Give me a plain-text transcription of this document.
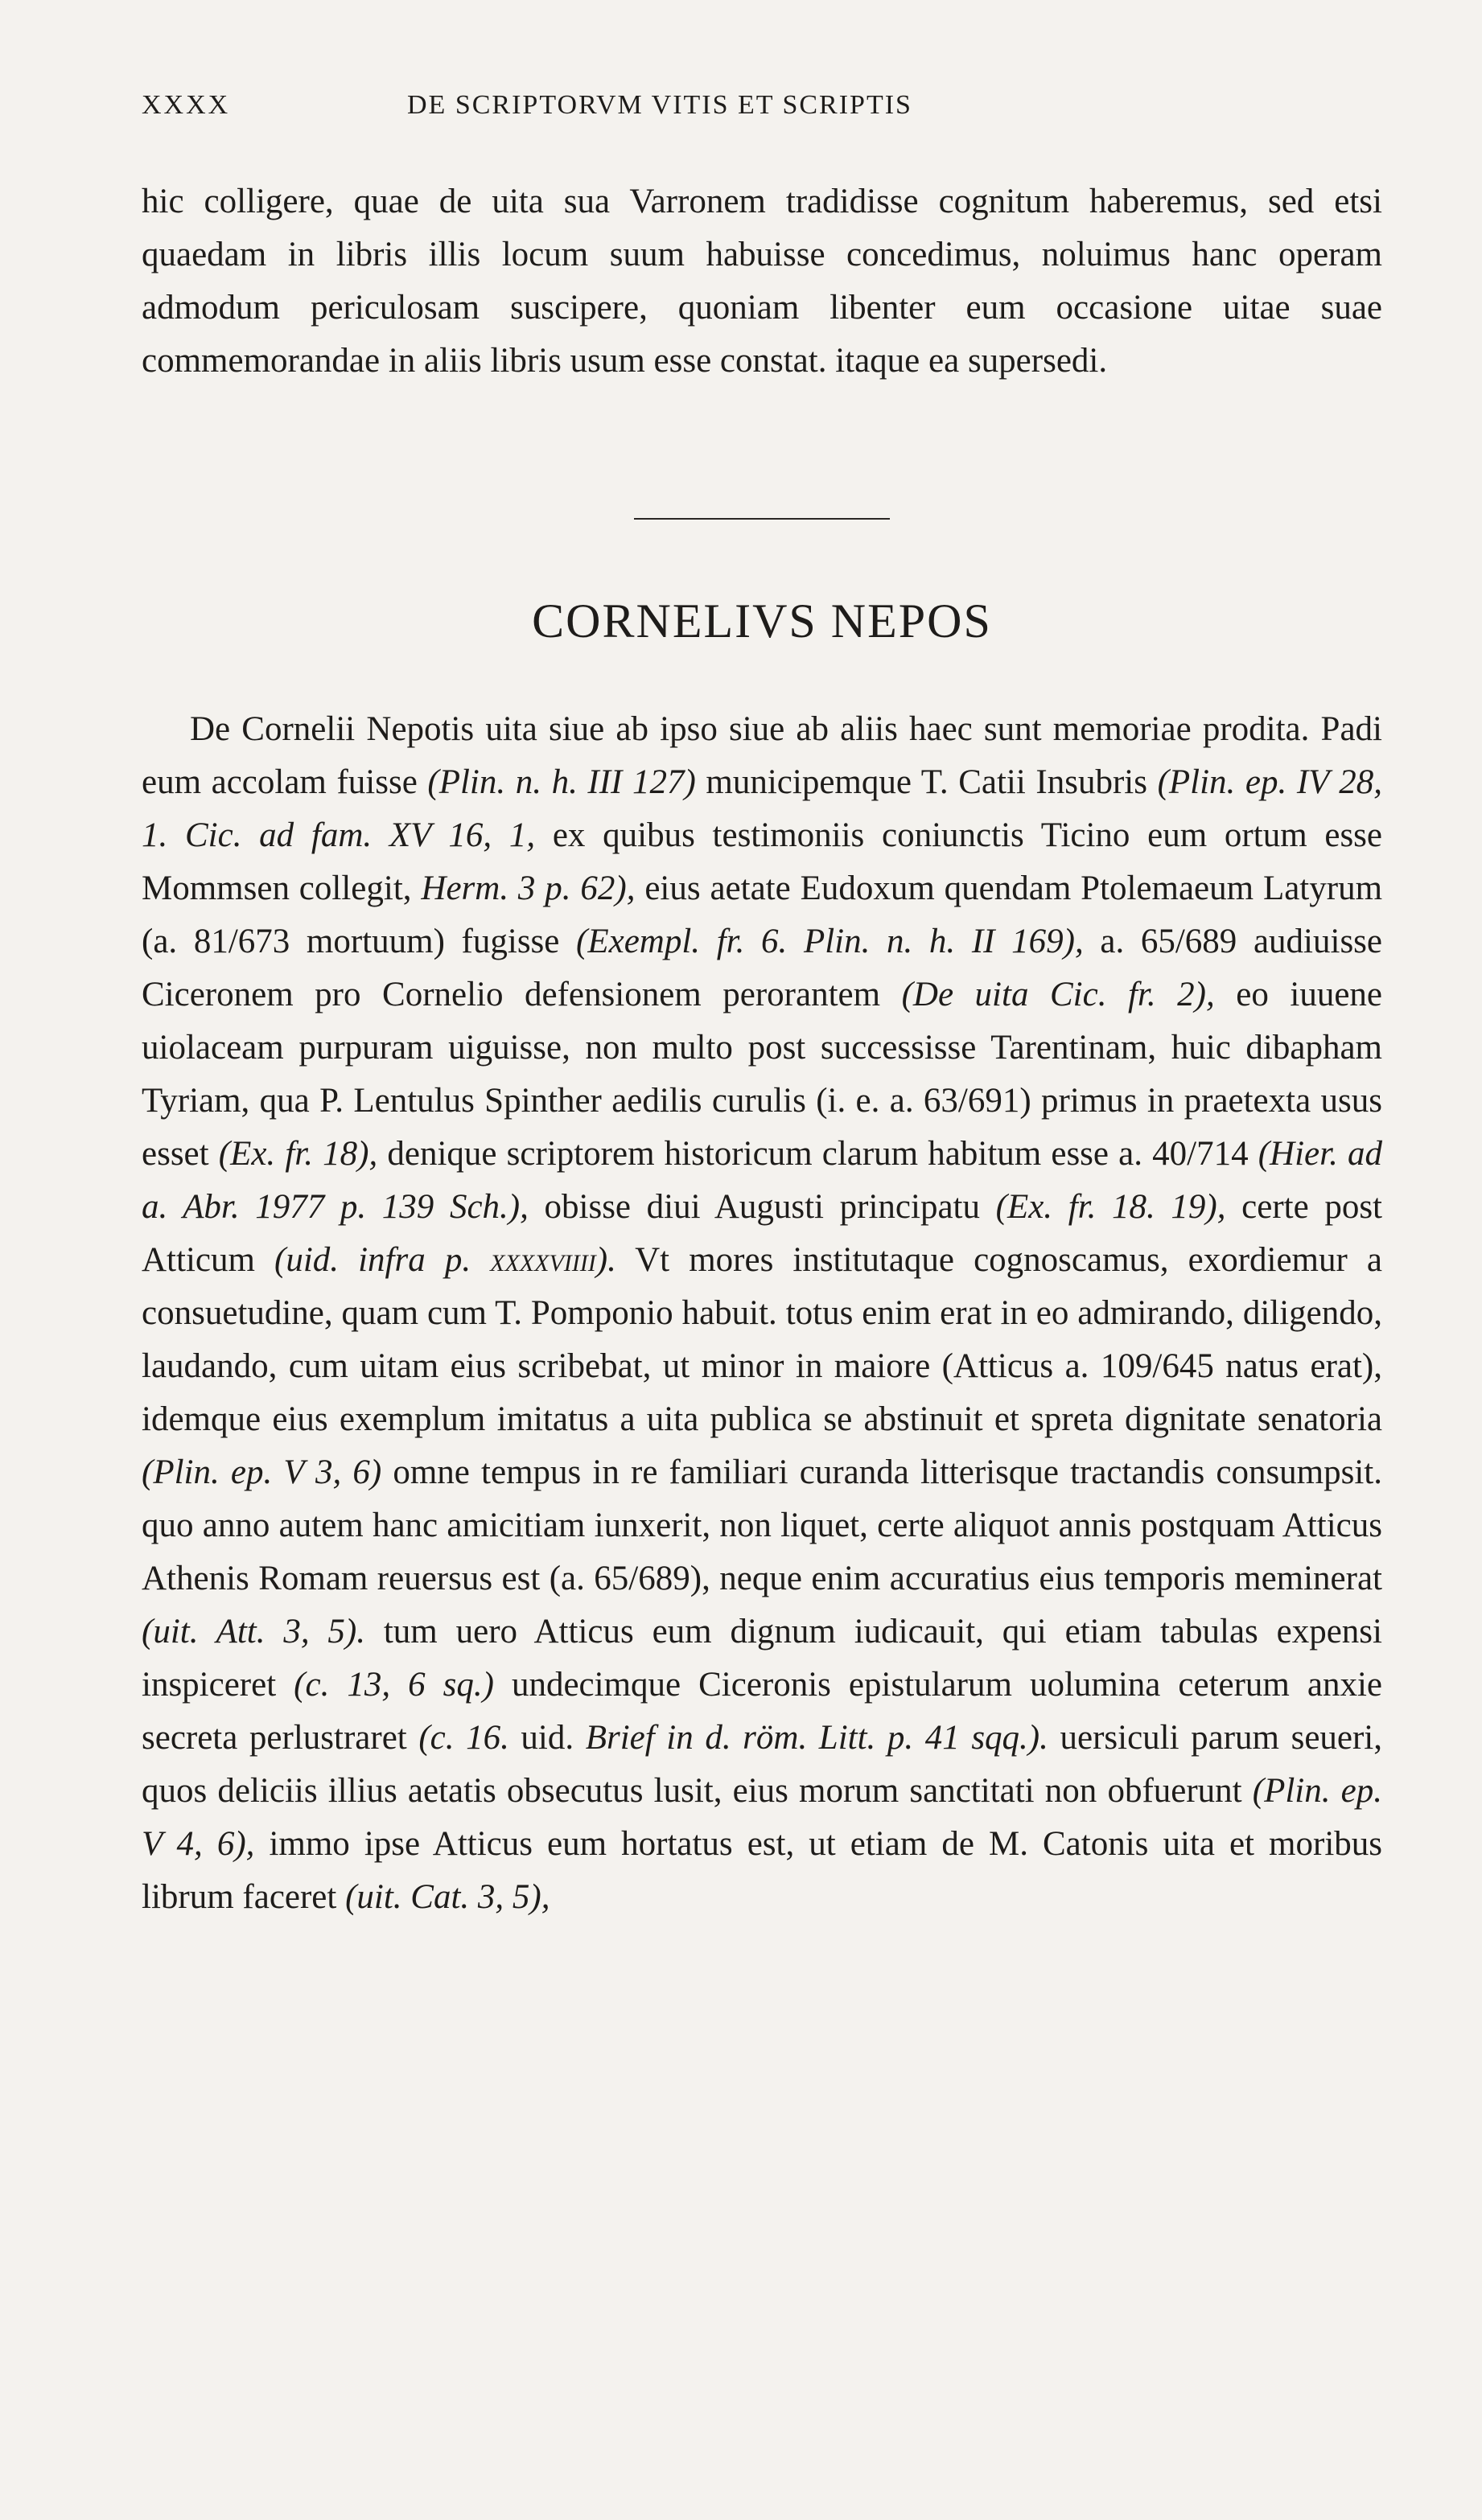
XXXX	DE SCRIPTORVM VITIS ET SCRIPTIS

hic colligere, quae de uita sua Varronem tradidisse cognitum haberemus, sed etsi quaedam in libris illis locum suum habuisse concedimus, noluimus hanc operam admodum periculosam suscipere, quoniam libenter eum occasione uitae suae commemorandae in aliis libris usum esse constat. itaque ea supersedi.

CORNELIVS NEPOS

De Cornelii Nepotis uita siue ab ipso siue ab aliis haec sunt memoriae prodita. Padi eum accolam fuisse (Plin. n. h. III 127) municipemque T. Catii Insubris (Plin. ep. IV 28, 1. Cic. ad fam. XV 16, 1, ex quibus testimoniis coniunctis Ticino eum ortum esse Mommsen collegit, Herm. 3 p. 62), eius aetate Eudoxum quendam Ptolemaeum Latyrum (a. 81/673 mortuum) fugisse (Exempl. fr. 6. Plin. n. h. II 169), a. 65/689 audiuisse Ciceronem pro Cornelio defensionem perorantem (De uita Cic. fr. 2), eo iuuene uiolaceam purpuram uiguisse, non multo post successisse Tarentinam, huic dibapham Tyriam, qua P. Lentulus Spinther aedilis curulis (i. e. a. 63/691) primus in praetexta usus esset (Ex. fr. 18), denique scriptorem historicum clarum habitum esse a. 40/714 (Hier. ad a. Abr. 1977 p. 139 Sch.), obisse diui Augusti principatu (Ex. fr. 18. 19), certe post Atticum (uid. infra p. xxxxviiii). Vt mores institutaque cognoscamus, exordiemur a consuetudine, quam cum T. Pomponio habuit. totus enim erat in eo admirando, diligendo, laudando, cum uitam eius scribebat, ut minor in maiore (Atticus a. 109/645 natus erat), idemque eius exemplum imitatus a uita publica se abstinuit et spreta dignitate senatoria (Plin. ep. V 3, 6) omne tempus in re familiari curanda litterisque tractandis consumpsit. quo anno autem hanc amicitiam iunxerit, non liquet, certe aliquot annis postquam Atticus Athenis Romam reuersus est (a. 65/689), neque enim accuratius eius temporis meminerat (uit. Att. 3, 5). tum uero Atticus eum dignum iudicauit, qui etiam tabulas expensi inspiceret (c. 13, 6 sq.) undecimque Ciceronis epistularum uolumina ceterum anxie secreta perlustraret (c. 16. uid. Brief in d. röm. Litt. p. 41 sqq.). uersiculi parum seueri, quos deliciis illius aetatis obsecutus lusit, eius morum sanctitati non obfuerunt (Plin. ep. V 4, 6), immo ipse Atticus eum hortatus est, ut etiam de M. Catonis uita et moribus librum faceret (uit. Cat. 3, 5),
